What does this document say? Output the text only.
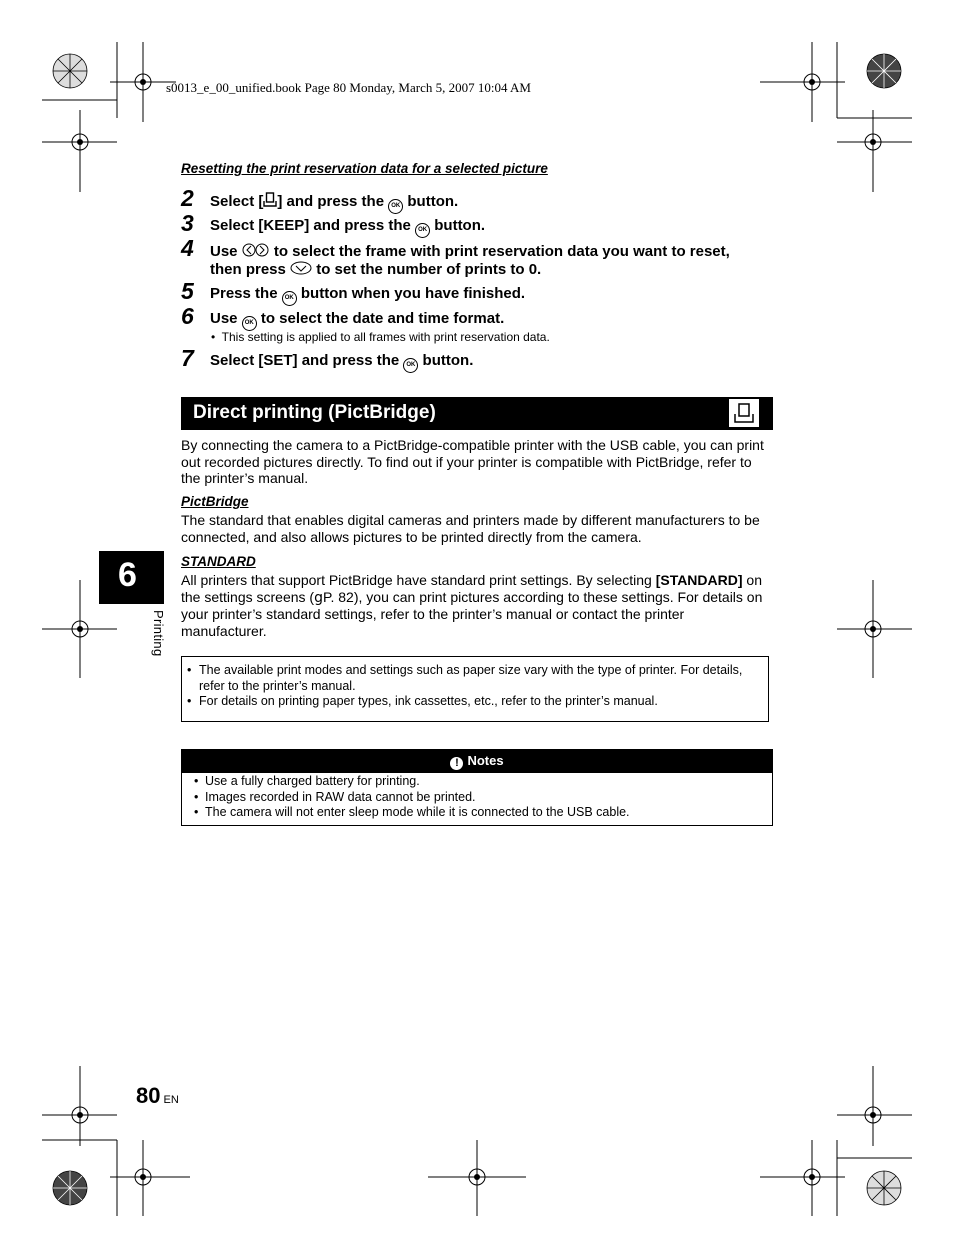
s0013_e_00_unified.book Page 80 Monday, March 5, 2007 10:04 AM
Resetting the print reservation data for a selected picture
2 Select [ ] and press the OK button.
3 Select [KEEP] and press the OK button.
4 Use  to select the frame with print reservation data you want to reset,
then press  to set the number of prints to 0.
5 Press the OK button when you have finished.
6 Use OK to select the date and time format.
•  This setting is applied to all frames with print reservation data.
7 Select [SET] and press the OK button.
Direct printing (PictBridge)
By connecting the camera to a PictBridge-compatible printer with the USB cable, you can print out recorded pictures directly. To find out if your printer is compatible with PictBridge, refer to the printer’s manual.
PictBridge
The standard that enables digital cameras and printers made by different manufacturers to be connected, and also allows pictures to be printed directly from the camera.
STANDARD
All printers that support PictBridge have standard print settings. By selecting [STANDARD] on the settings screens (gP. 82), you can print pictures according to these settings. For details on your printer’s standard settings, refer to the printer’s manual or contact the printer manufacturer.
6
Printing
• The available print modes and settings such as paper size vary with the type of printer. For details, refer to the printer’s manual.
• For details on printing paper types, ink cassettes, etc., refer to the printer’s manual.
! Notes
• Use a fully charged battery for printing.
• Images recorded in RAW data cannot be printed.
• The camera will not enter sleep mode while it is connected to the USB cable.
80 EN
